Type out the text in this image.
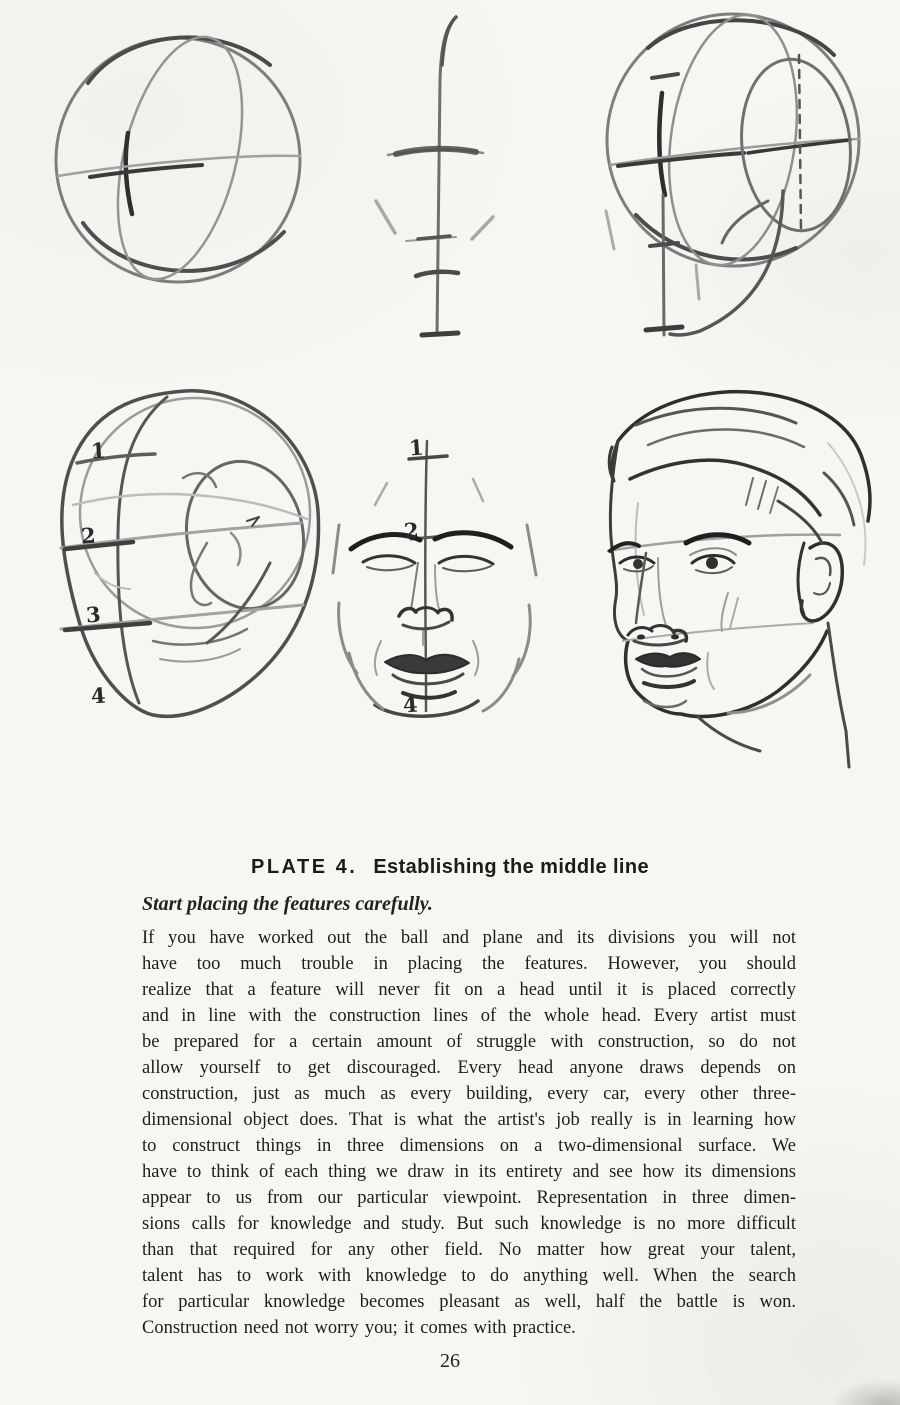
1
2
3
4
1
2
4
PLATE 4. Establishing the middle line
Start placing the features carefully.
If you have worked out the ball and plane and its divisions you will not
have too much trouble in placing the features. However, you should
realize that a feature will never fit on a head until it is placed correctly
and in line with the construction lines of the whole head. Every artist must
be prepared for a certain amount of struggle with construction, so do not
allow yourself to get discouraged. Every head anyone draws depends on
construction, just as much as every building, every car, every other three-
dimensional object does. That is what the artist's job really is in learning how
to construct things in three dimensions on a two-dimensional surface. We
have to think of each thing we draw in its entirety and see how its dimensions
appear to us from our particular viewpoint. Representation in three dimen-
sions calls for knowledge and study. But such knowledge is no more difficult
than that required for any other field. No matter how great your talent,
talent has to work with knowledge to do anything well. When the search
for particular knowledge becomes pleasant as well, half the battle is won.
Construction need not worry you; it comes with practice.
26
